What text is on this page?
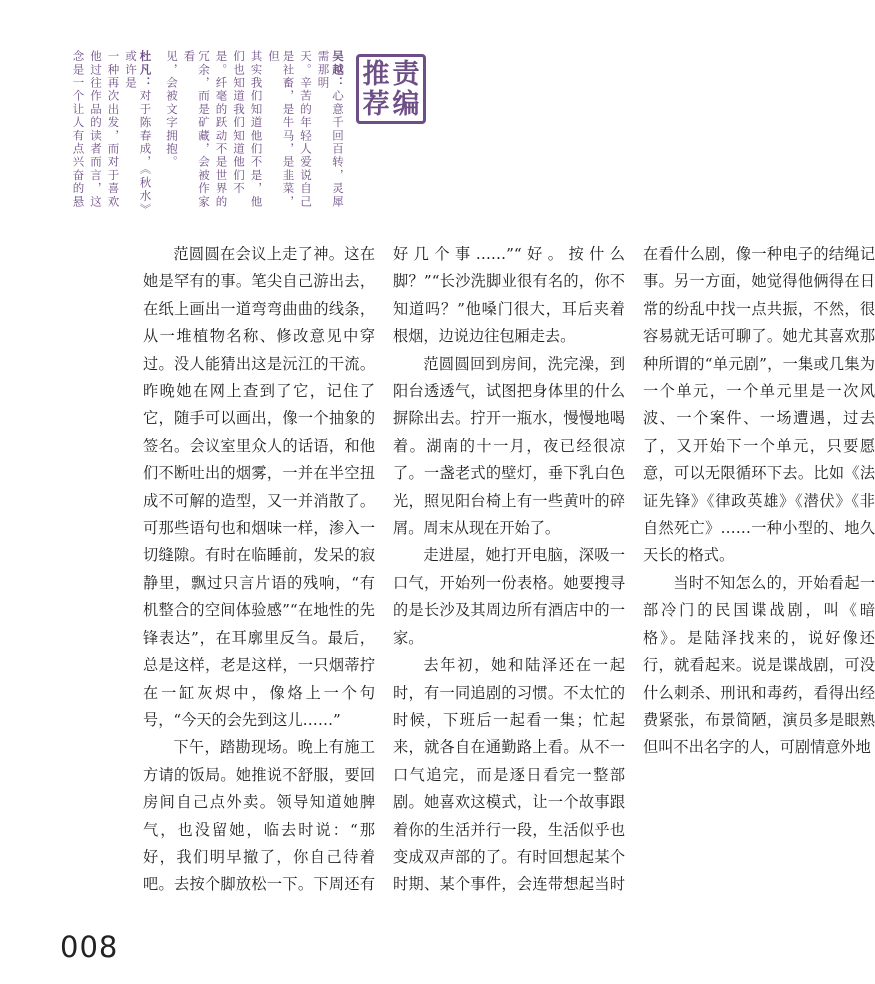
责
编
推
荐
吴越：心意千回百转，灵犀需那明
天。辛苦的年轻人爱说自己
是社畜，是牛马，是韭菜，但
其实我们知道他们不是，他
们也知道我们知道他们不
是。纤毫的跃动不是世界的
冗余，而是矿藏，会被作家看
见，会被文字拥抱。
杜凡：对于陈春成，《秋水》或许是
一种再次出发，而对于喜欢
他过往作品的读者而言，这
念是一个让人有点兴奋的悬

范圆圆在会议上走了神。这在她是罕有的事。笔尖自己游出去，在纸上画出一道弯弯曲曲的线条，从一堆植物名称、修改意见中穿过。没人能猜出这是沅江的干流。昨晚她在网上查到了它，记住了它，随手可以画出，像一个抽象的签名。会议室里众人的话语，和他们不断吐出的烟雾，一并在半空扭成不可解的造型，又一并消散了。可那些语句也和烟味一样，渗入一切缝隙。有时在临睡前，发呆的寂静里，飘过只言片语的残响，“有机整合的空间体验感”“在地性的先锋表达”，在耳廓里反刍。最后，总是这样，老是这样，一只烟蒂拧在一缸灰烬中，像烙上一个句号，“今天的会先到这儿……”

下午，踏勘现场。晚上有施工方请的饭局。她推说不舒服，要回房间自己点外卖。领导知道她脾气，也没留她，临去时说：“那好，我们明早撤了，你自己待着吧。去按个脚放松一下。下周还有好几个事……”“好。按什么脚？”“长沙洗脚业很有名的，你不知道吗？”他嗓门很大，耳后夹着根烟，边说边往包厢走去。

范圆圆回到房间，洗完澡，到阳台透透气，试图把身体里的什么摒除出去。拧开一瓶水，慢慢地喝着。湖南的十一月，夜已经很凉了。一盏老式的壁灯，垂下乳白色光，照见阳台椅上有一些黄叶的碎屑。周末从现在开始了。

走进屋，她打开电脑，深吸一口气，开始列一份表格。她要搜寻的是长沙及其周边所有酒店中的一家。

去年初，她和陆泽还在一起时，有一同追剧的习惯。不太忙的时候，下班后一起看一集；忙起来，就各自在通勤路上看。从不一口气追完，而是逐日看完一整部剧。她喜欢这模式，让一个故事跟着你的生活并行一段，生活似乎也变成双声部的了。有时回想起某个时期、某个事件，会连带想起当时在看什么剧，像一种电子的结绳记事。另一方面，她觉得他俩得在日常的纷乱中找一点共振，不然，很容易就无话可聊了。她尤其喜欢那种所谓的“单元剧”，一集或几集为一个单元，一个单元里是一次风波、一个案件、一场遭遇，过去了，又开始下一个单元，只要愿意，可以无限循环下去。比如《法证先锋》《律政英雄》《潜伏》《非自然死亡》……一种小型的、地久天长的格式。

当时不知怎么的，开始看起一部冷门的民国谍战剧，叫《暗格》。是陆泽找来的，说好像还行，就看起来。说是谍战剧，可没什么刺杀、刑讯和毒药，看得出经费紧张，布景简陋，演员多是眼熟但叫不出名字的人，可剧情意外地

008
